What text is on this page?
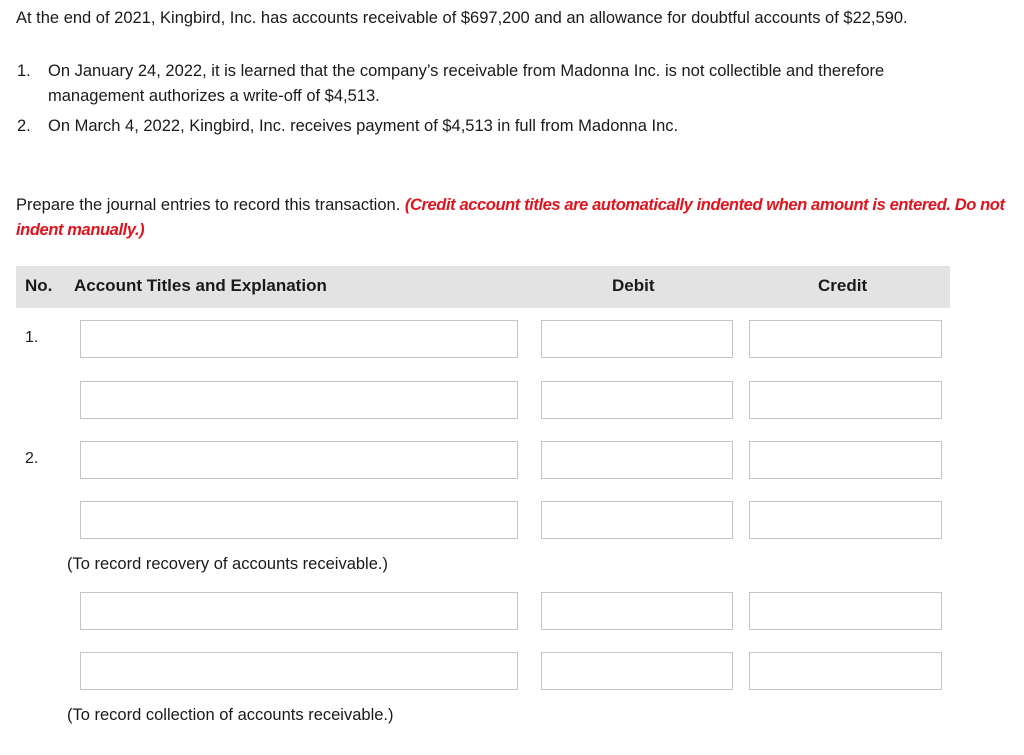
At the end of 2021, Kingbird, Inc. has accounts receivable of $697,200 and an allowance for doubtful accounts of $22,590.
1. On January 24, 2022, it is learned that the company’s receivable from Madonna Inc. is not collectible and therefore
management authorizes a write-off of $4,513.
2. On March 4, 2022, Kingbird, Inc. receives payment of $4,513 in full from Madonna Inc.
Prepare the journal entries to record this transaction. (Credit account titles are automatically indented when amount is entered. Do not indent manually.)
No. Account Titles and Explanation	Debit	Credit
1.
2.
(To record recovery of accounts receivable.)
(To record collection of accounts receivable.)
